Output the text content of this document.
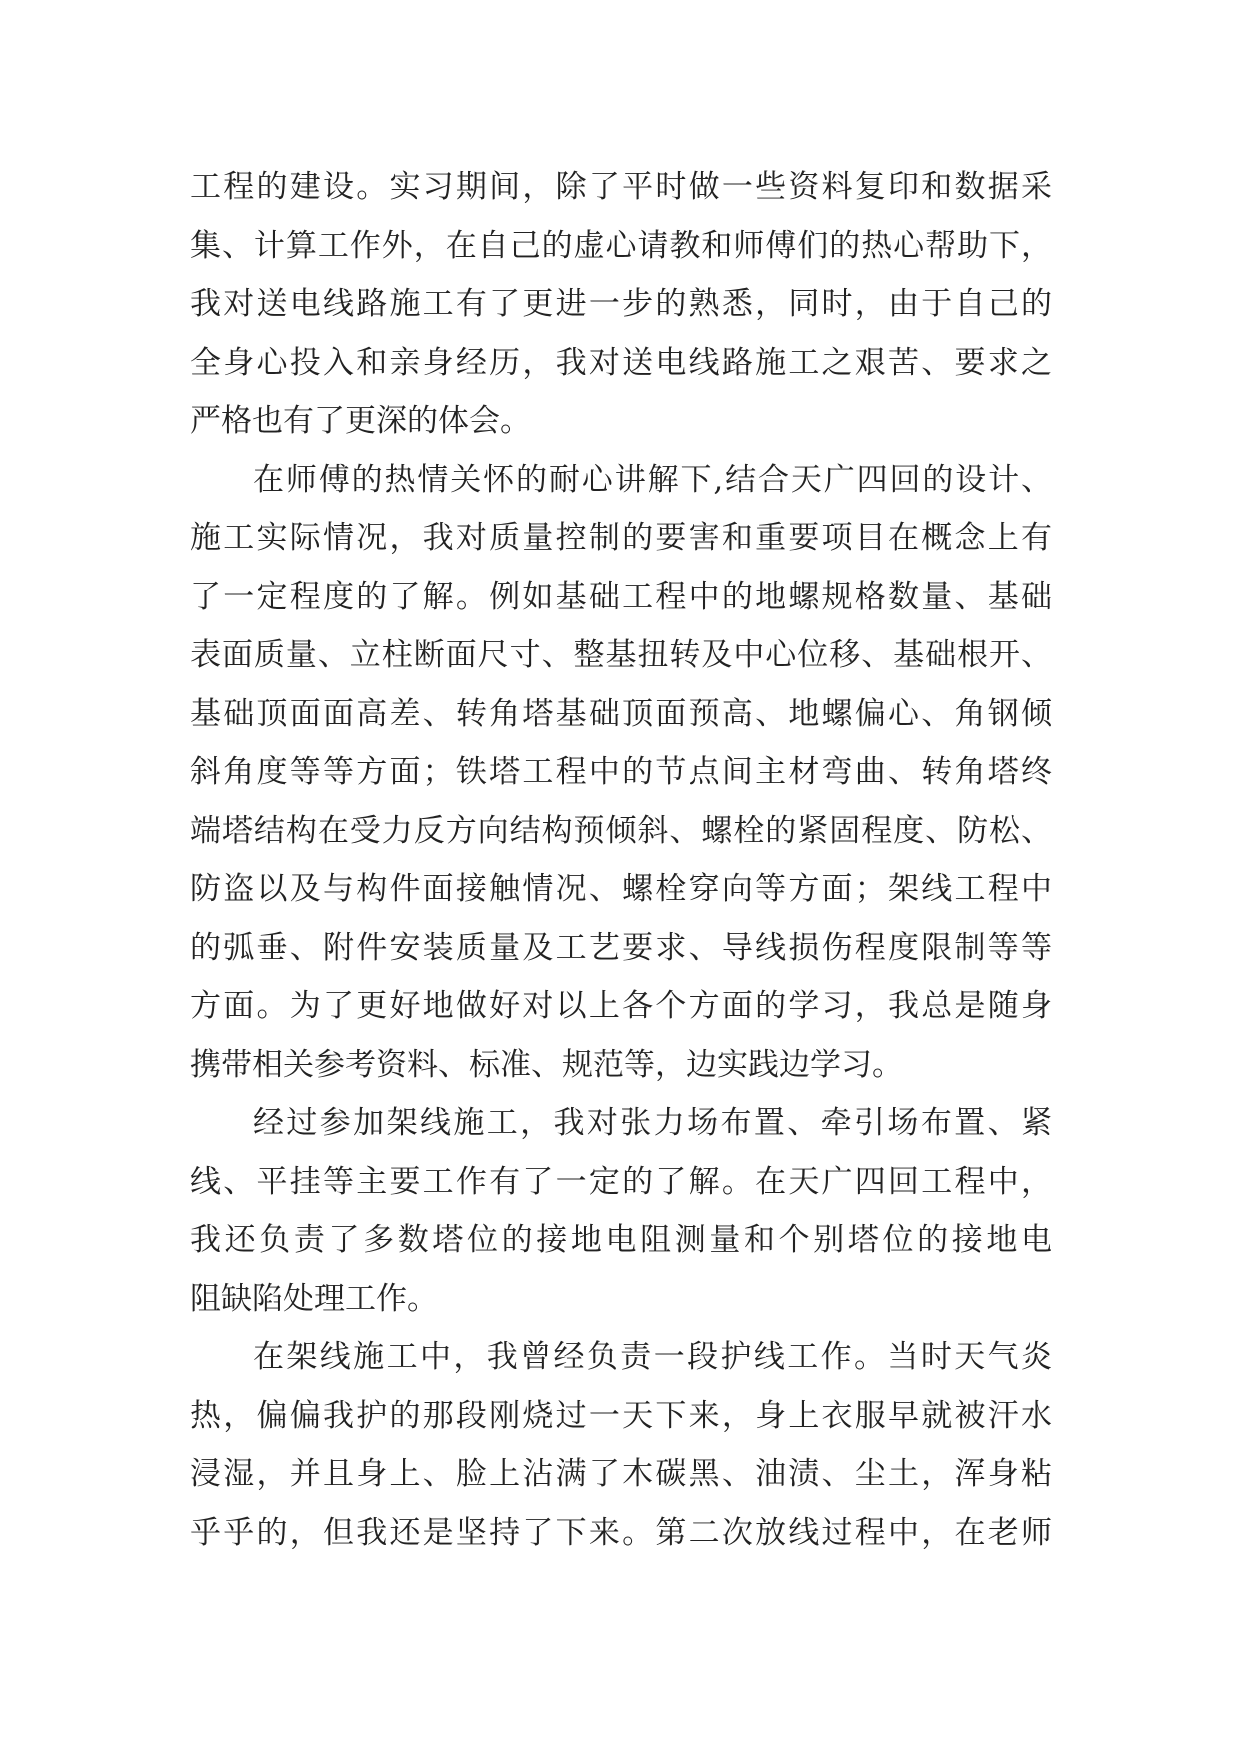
工程的建设。实习期间，除了平时做一些资料复印和数据采
集、计算工作外，在自己的虚心请教和师傅们的热心帮助下，
我对送电线路施工有了更进一步的熟悉，同时，由于自己的
全身心投入和亲身经历，我对送电线路施工之艰苦、要求之
严格也有了更深的体会。
在师傅的热情关怀的耐心讲解下,结合天广四回的设计、
施工实际情况，我对质量控制的要害和重要项目在概念上有
了一定程度的了解。例如基础工程中的地螺规格数量、基础
表面质量、立柱断面尺寸、整基扭转及中心位移、基础根开、
基础顶面面高差、转角塔基础顶面预高、地螺偏心、角钢倾
斜角度等等方面；铁塔工程中的节点间主材弯曲、转角塔终
端塔结构在受力反方向结构预倾斜、螺栓的紧固程度、防松、
防盗以及与构件面接触情况、螺栓穿向等方面；架线工程中
的弧垂、附件安装质量及工艺要求、导线损伤程度限制等等
方面。为了更好地做好对以上各个方面的学习，我总是随身
携带相关参考资料、标准、规范等，边实践边学习。
经过参加架线施工，我对张力场布置、牵引场布置、紧
线、平挂等主要工作有了一定的了解。在天广四回工程中，
我还负责了多数塔位的接地电阻测量和个别塔位的接地电
阻缺陷处理工作。
在架线施工中，我曾经负责一段护线工作。当时天气炎
热，偏偏我护的那段刚烧过一天下来，身上衣服早就被汗水
浸湿，并且身上、脸上沾满了木碳黑、油渍、尘土，浑身粘
乎乎的，但我还是坚持了下来。第二次放线过程中，在老师
